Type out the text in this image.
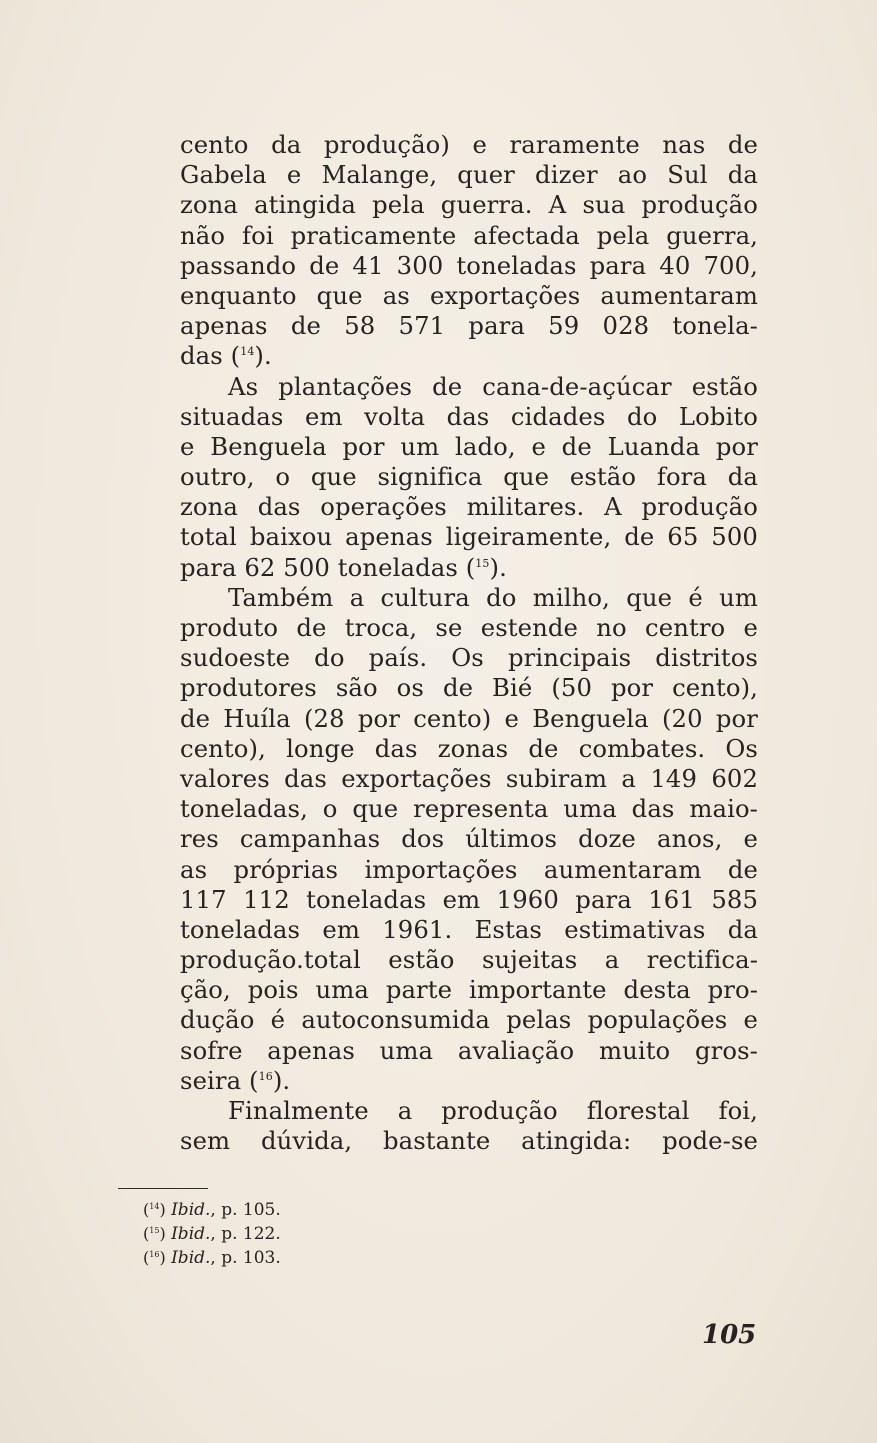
cento da produção) e raramente nas de
Gabela e Malange, quer dizer ao Sul da
zona atingida pela guerra. A sua produção
não foi praticamente afectada pela guerra,
passando de 41 300 toneladas para 40 700,
enquanto que as exportações aumentaram
apenas de 58 571 para 59 028 tonela-
das ($^{14}$).
As plantações de cana-de-açúcar estão
situadas em volta das cidades do Lobito
e Benguela por um lado, e de Luanda por
outro, o que significa que estão fora da
zona das operações militares. A produção
total baixou apenas ligeiramente, de 65 500
para 62 500 toneladas ($^{15}$).
Também a cultura do milho, que é um
produto de troca, se estende no centro e
sudoeste do país. Os principais distritos
produtores são os de Bié (50 por cento),
de Huíla (28 por cento) e Benguela (20 por
cento), longe das zonas de combates. Os
valores das exportações subiram a 149 602
toneladas, o que representa uma das maio-
res campanhas dos últimos doze anos, e
as próprias importações aumentaram de
117 112 toneladas em 1960 para 161 585
toneladas em 1961. Estas estimativas da
produção.total estão sujeitas a rectifica-
ção, pois uma parte importante desta pro-
dução é autoconsumida pelas populações e
sofre apenas uma avaliação muito gros-
seira ($^{16}$).
Finalmente a produção florestal foi,
sem dúvida, bastante atingida: pode-se
($^{14}$) Ibid., p. 105.
($^{15}$) Ibid., p. 122.
($^{16}$) Ibid., p. 103.
105
